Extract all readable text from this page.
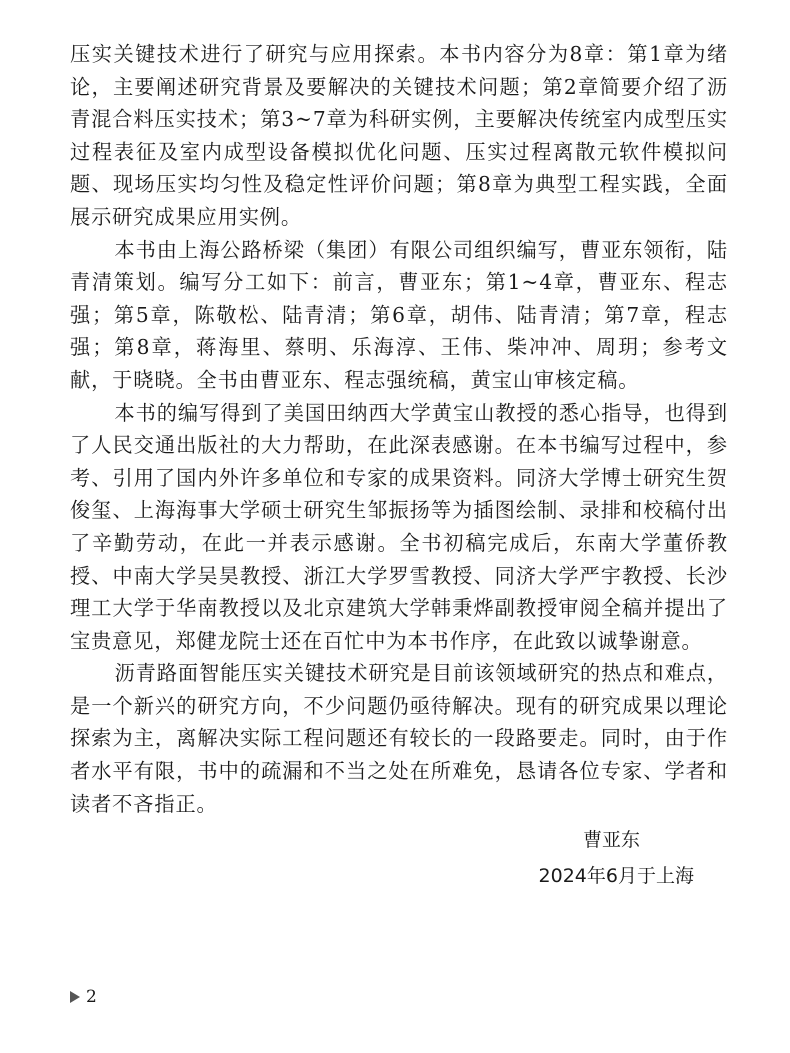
压实关键技术进行了研究与应用探索。本书内容分为8章：第1章为绪论，主要阐述研究背景及要解决的关键技术问题；第2章简要介绍了沥青混合料压实技术；第3~7章为科研实例，主要解决传统室内成型压实过程表征及室内成型设备模拟优化问题、压实过程离散元软件模拟问题、现场压实均匀性及稳定性评价问题；第8章为典型工程实践，全面展示研究成果应用实例。

本书由上海公路桥梁（集团）有限公司组织编写，曹亚东领衔，陆青清策划。编写分工如下：前言，曹亚东；第1~4章，曹亚东、程志强；第5章，陈敬松、陆青清；第6章，胡伟、陆青清；第7章，程志强；第8章，蒋海里、蔡明、乐海淳、王伟、柴冲冲、周玥；参考文献，于晓晓。全书由曹亚东、程志强统稿，黄宝山审核定稿。

本书的编写得到了美国田纳西大学黄宝山教授的悉心指导，也得到了人民交通出版社的大力帮助，在此深表感谢。在本书编写过程中，参考、引用了国内外许多单位和专家的成果资料。同济大学博士研究生贺俊玺、上海海事大学硕士研究生邹振扬等为插图绘制、录排和校稿付出了辛勤劳动，在此一并表示感谢。全书初稿完成后，东南大学董侨教授、中南大学吴昊教授、浙江大学罗雪教授、同济大学严宇教授、长沙理工大学于华南教授以及北京建筑大学韩秉烨副教授审阅全稿并提出了宝贵意见，郑健龙院士还在百忙中为本书作序，在此致以诚挚谢意。

沥青路面智能压实关键技术研究是目前该领域研究的热点和难点，是一个新兴的研究方向，不少问题仍亟待解决。现有的研究成果以理论探索为主，离解决实际工程问题还有较长的一段路要走。同时，由于作者水平有限，书中的疏漏和不当之处在所难免，恳请各位专家、学者和读者不吝指正。

曹亚东
2024年6月于上海
2
